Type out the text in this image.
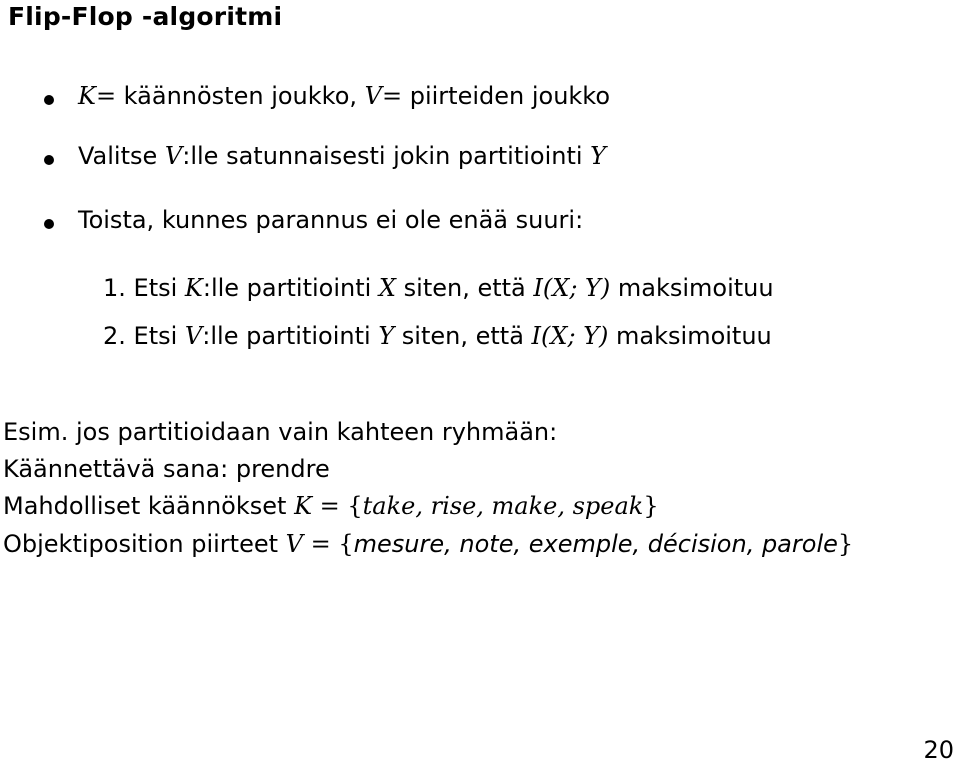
Flip-Flop -algoritmi
K= käännösten joukko, V= piirteiden joukko
Valitse V:lle satunnaisesti jokin partitiointi Y
Toista, kunnes parannus ei ole enää suuri:
1. Etsi K:lle partitiointi X siten, että I(X; Y) maksimoituu
2. Etsi V:lle partitiointi Y siten, että I(X; Y) maksimoituu
Esim. jos partitioidaan vain kahteen ryhmään:
Käännettävä sana: prendre
Mahdolliset käännökset K = {take, rise, make, speak}
Objektiposition piirteet V = {mesure, note, exemple, décision, parole}
20
